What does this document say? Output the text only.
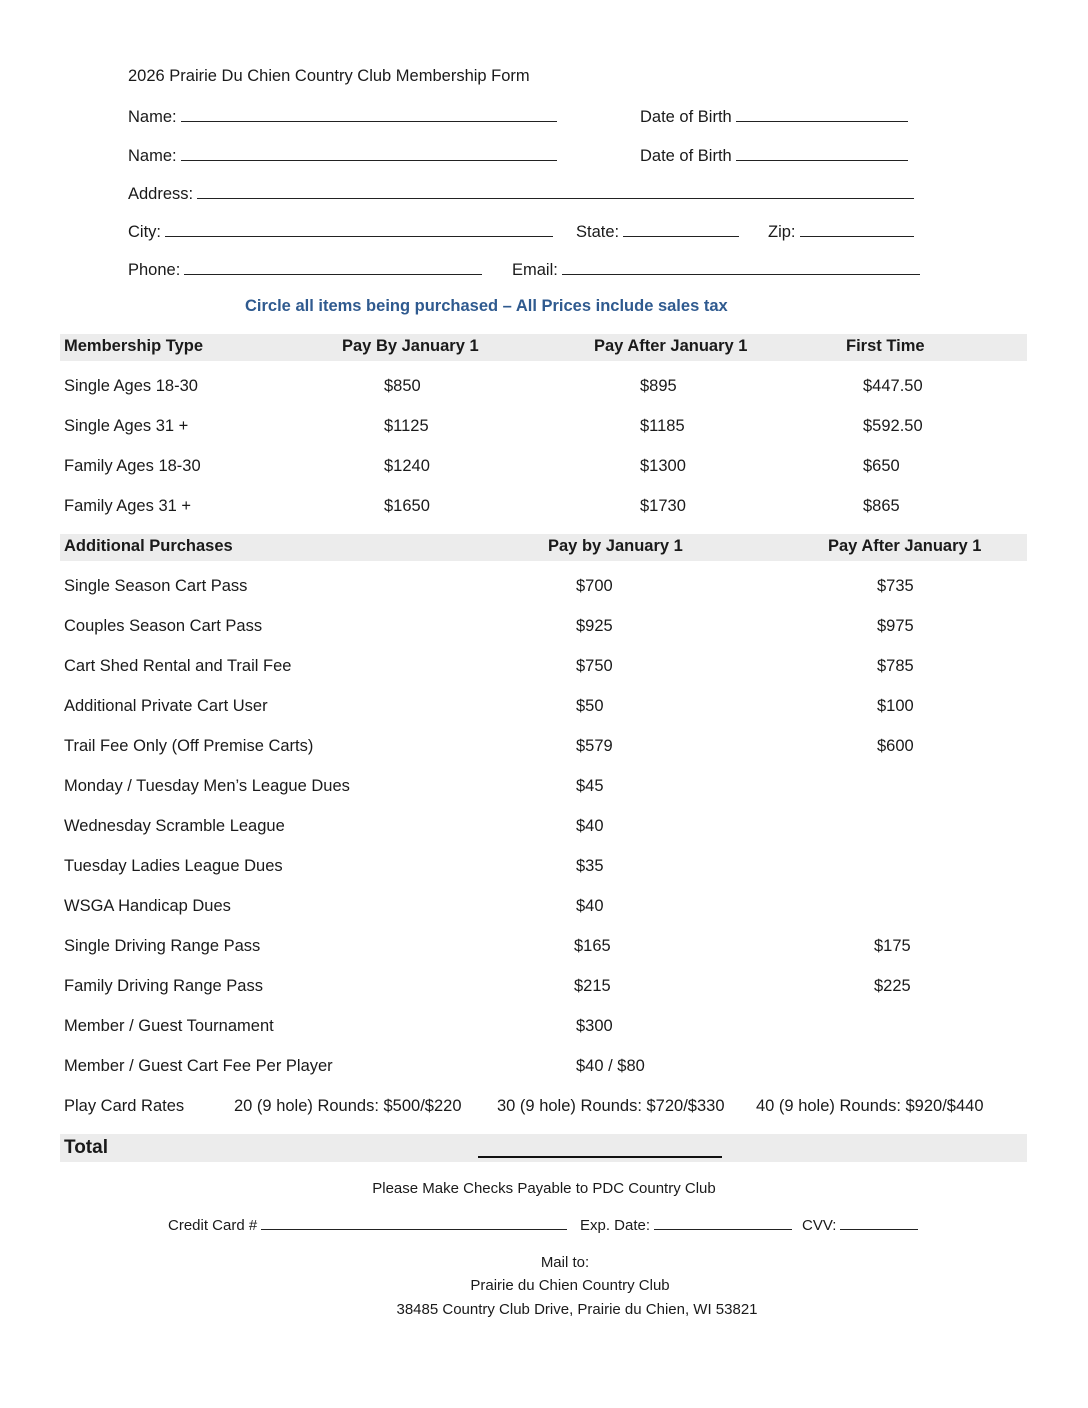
2026 Prairie Du Chien Country Club Membership Form
Name:	Date of Birth
Name:	Date of Birth
Address:
City:	State:	Zip:
Phone:	Email:
Circle all items being purchased – All Prices include sales tax
Membership Type	Pay By January 1	Pay After January 1	First Time
Single Ages 18-30	$850	$895	$447.50
Single Ages 31 +	$1125	$1185	$592.50
Family Ages 18-30	$1240	$1300	$650
Family Ages 31 +	$1650	$1730	$865
Additional Purchases	Pay by January 1	Pay After January 1
Single Season Cart Pass	$700	$735
Couples Season Cart Pass	$925	$975
Cart Shed Rental and Trail Fee	$750	$785
Additional Private Cart User	$50	$100
Trail Fee Only (Off Premise Carts)	$579	$600
Monday / Tuesday Men’s League Dues	$45
Wednesday Scramble League	$40
Tuesday Ladies League Dues	$35
WSGA Handicap Dues	$40
Single Driving Range Pass	$165	$175
Family Driving Range Pass	$215	$225
Member / Guest Tournament	$300
Member / Guest Cart Fee Per Player	$40 / $80
Play Card Rates	20 (9 hole) Rounds: $500/$220 30 (9 hole) Rounds: $720/$330 40 (9 hole) Rounds: $920/$440
Total
Please Make Checks Payable to PDC Country Club
Credit Card #	Exp. Date:	CVV:
Mail to:
Prairie du Chien Country Club
38485 Country Club Drive, Prairie du Chien, WI 53821
